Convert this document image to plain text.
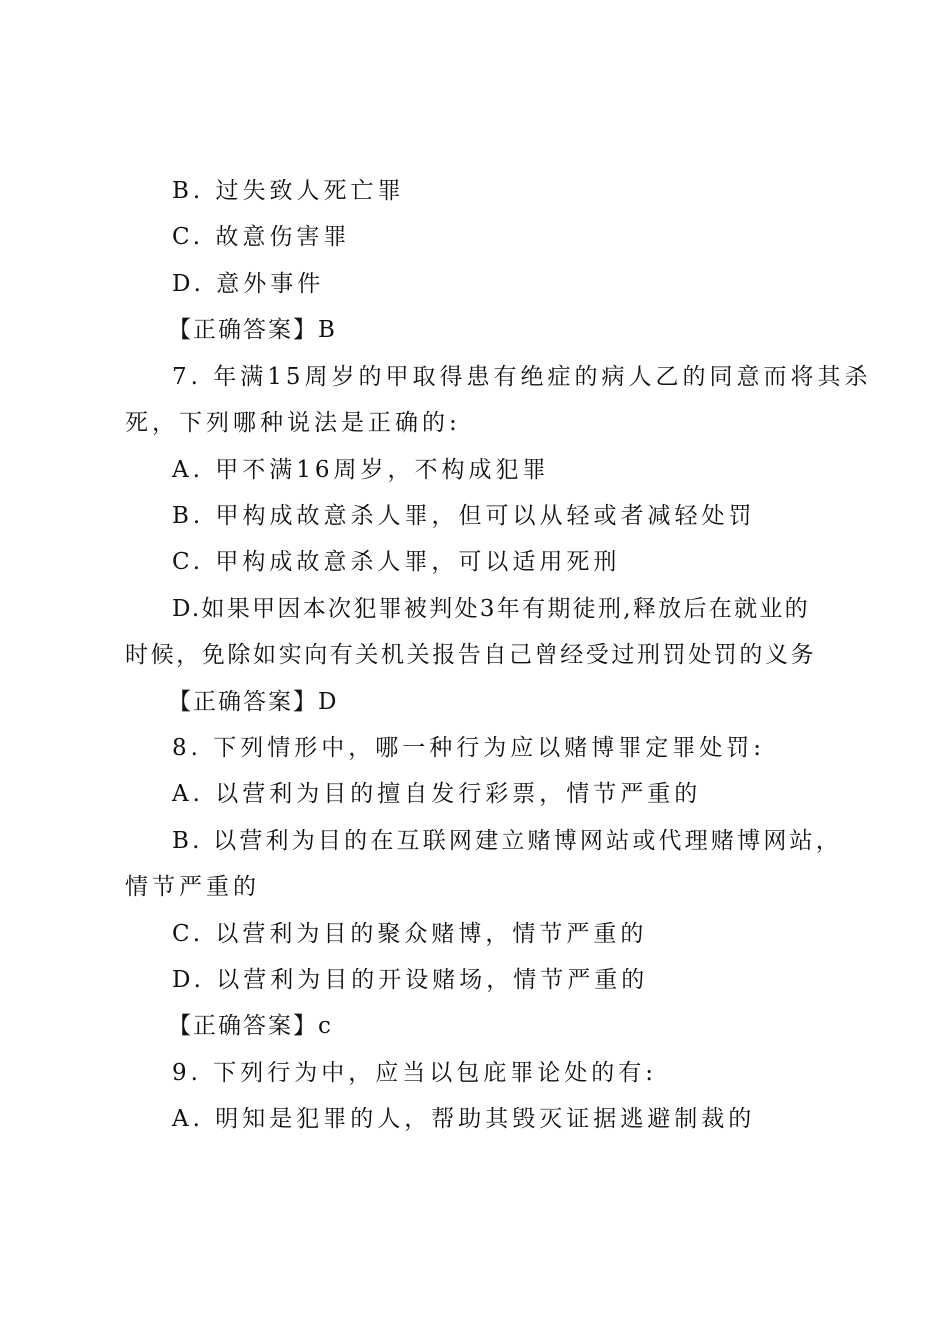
B. 过失致人死亡罪
C. 故意伤害罪
D. 意外事件
【正确答案】B
7. 年满15周岁的甲取得患有绝症的病人乙的同意而将其杀
死，下列哪种说法是正确的:
A. 甲不满16周岁，不构成犯罪
B. 甲构成故意杀人罪，但可以从轻或者减轻处罚
C. 甲构成故意杀人罪，可以适用死刑
D.如果甲因本次犯罪被判处3年有期徒刑,释放后在就业的
时候，免除如实向有关机关报告自己曾经受过刑罚处罚的义务
【正确答案】D
8. 下列情形中，哪一种行为应以赌博罪定罪处罚:
A. 以营利为目的擅自发行彩票，情节严重的
B. 以营利为目的在互联网建立赌博网站或代理赌博网站，
情节严重的
C. 以营利为目的聚众赌博，情节严重的
D. 以营利为目的开设赌场，情节严重的
【正确答案】c
9. 下列行为中，应当以包庇罪论处的有:
A. 明知是犯罪的人，帮助其毁灭证据逃避制裁的
